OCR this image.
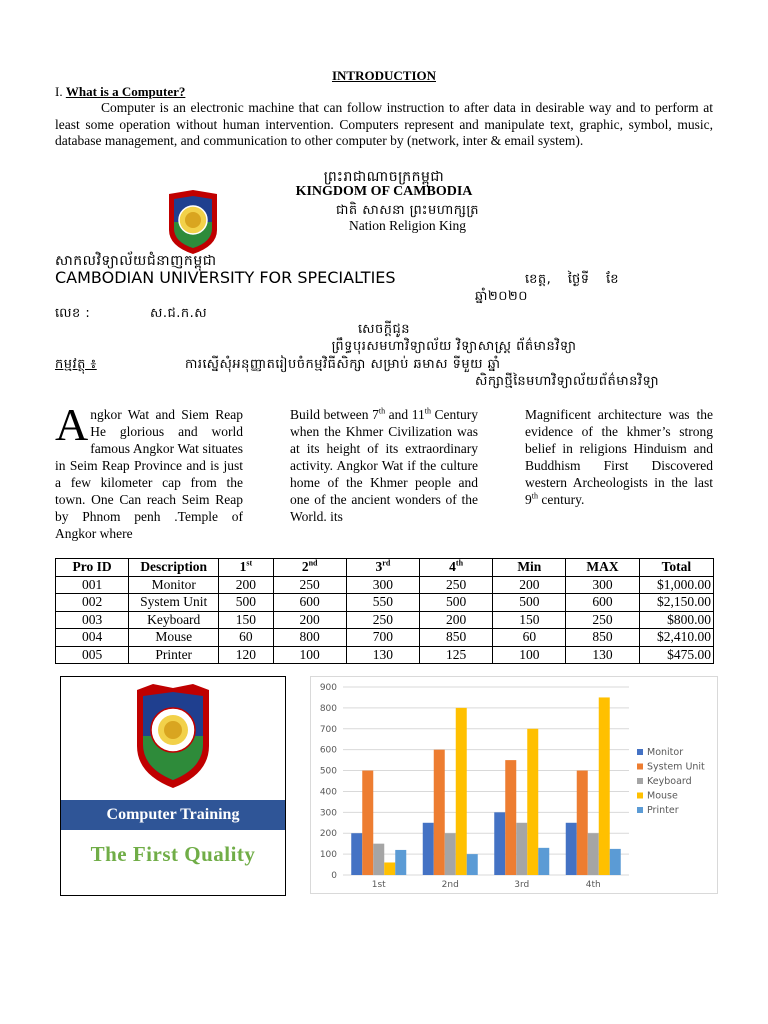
INTRODUCTION
I. What is a Computer?
Computer is an electronic machine that can follow instruction to after data in desirable way and to perform at least some operation without human intervention. Computers represent and manipulate text, graphic, symbol, music, database management, and communication to other computer by (network, inter & email system).
ព្រះរាជាណាចក្រកម្ពុជា
KINGDOM OF CAMBODIA
ជាតិ សាសនា ព្រះមហាក្សត្រ
Nation Religion King
សាកលវិទ្យាល័យជំនាញកម្ពុជា
CAMBODIAN UNIVERSITY FOR SPECIALTIES	ខេត្ត, ថ្ងៃទី ខែ
ឆ្នាំ២០២០
លេខ :	ស.ជ.ក.ស
សេចក្តីជូន
ព្រឹទ្ធបុរសមហាវិទ្យាល័យ វិទ្យាសាស្ត្រ ព័ត៌មានវិទ្យា
កម្មវត្ថុ ៖	ការស្នើសុំអនុញ្ញាតរៀបចំកម្មវិធីសិក្សា សម្រាប់ ឆមាស ទីមួយ ឆ្នាំ
សិក្សាថ្មីនៃមហាវិទ្យាល័យព័ត៌មានវិទ្យា
Angkor Wat and Siem Reap He glorious and world famous Angkor Wat situates in Seim Reap Province and is just a few kilometer cap from the town. One Can reach Seim Reap by Phnom penh .Temple of Angkor where
Build between 7th and 11th Century when the Khmer Civilization was at its height of its extraordinary activity. Angkor Wat if the culture home of the Khmer people and one of the ancient wonders of the World. its
Magnificent architecture was the evidence of the khmer’s strong belief in religions Hinduism and Buddhism First Discovered western Archeologists in the last 9th century.
Pro ID	Description	1st	2nd	3rd	4th	Min	MAX	Total
001	Monitor	200	250	300	250	200	300	$1,000.00
002	System Unit	500	600	550	500	500	600	$2,150.00
003	Keyboard	150	200	250	200	150	250	$800.00
004	Mouse	60	800	700	850	60	850	$2,410.00
005	Printer	120	100	130	125	100	130	$475.00
Computer Training
The First Quality
0
100
200
300
400
500
600
700
800
900
1st	2nd	3rd	4th
Monitor
System Unit
Keyboard
Mouse
Printer
